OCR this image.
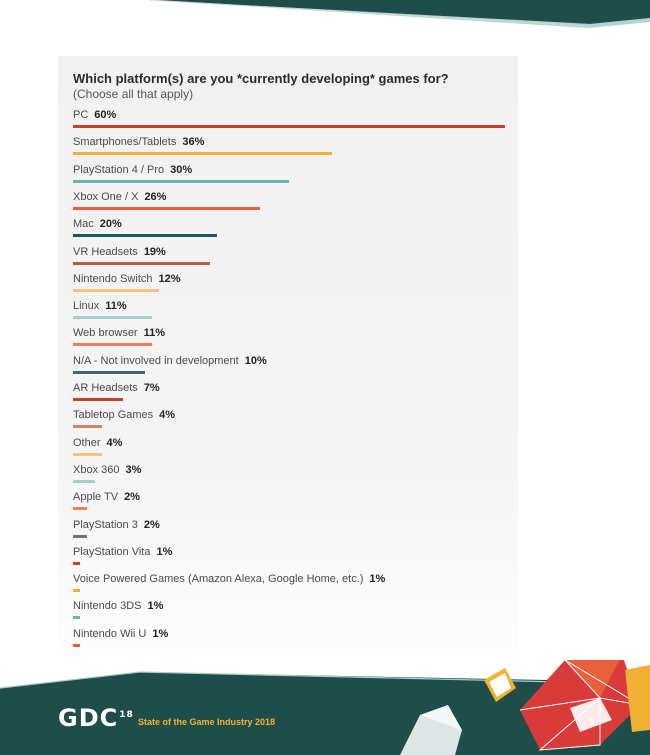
Which platform(s) are you *currently developing* games for?
(Choose all that apply)
PC 60%
Smartphones/Tablets 36%
PlayStation 4 / Pro 30%
Xbox One / X 26%
Mac 20%
VR Headsets 19%
Nintendo Switch 12%
Linux 11%
Web browser 11%
N/A - Not involved in development 10%
AR Headsets 7%
Tabletop Games 4%
Other 4%
Xbox 360 3%
Apple TV 2%
PlayStation 3 2%
PlayStation Vita 1%
Voice Powered Games (Amazon Alexa, Google Home, etc.) 1%
Nintendo 3DS 1%
Nintendo Wii U 1%
GDC$^{18}$
State of the Game Industry 2018	3
